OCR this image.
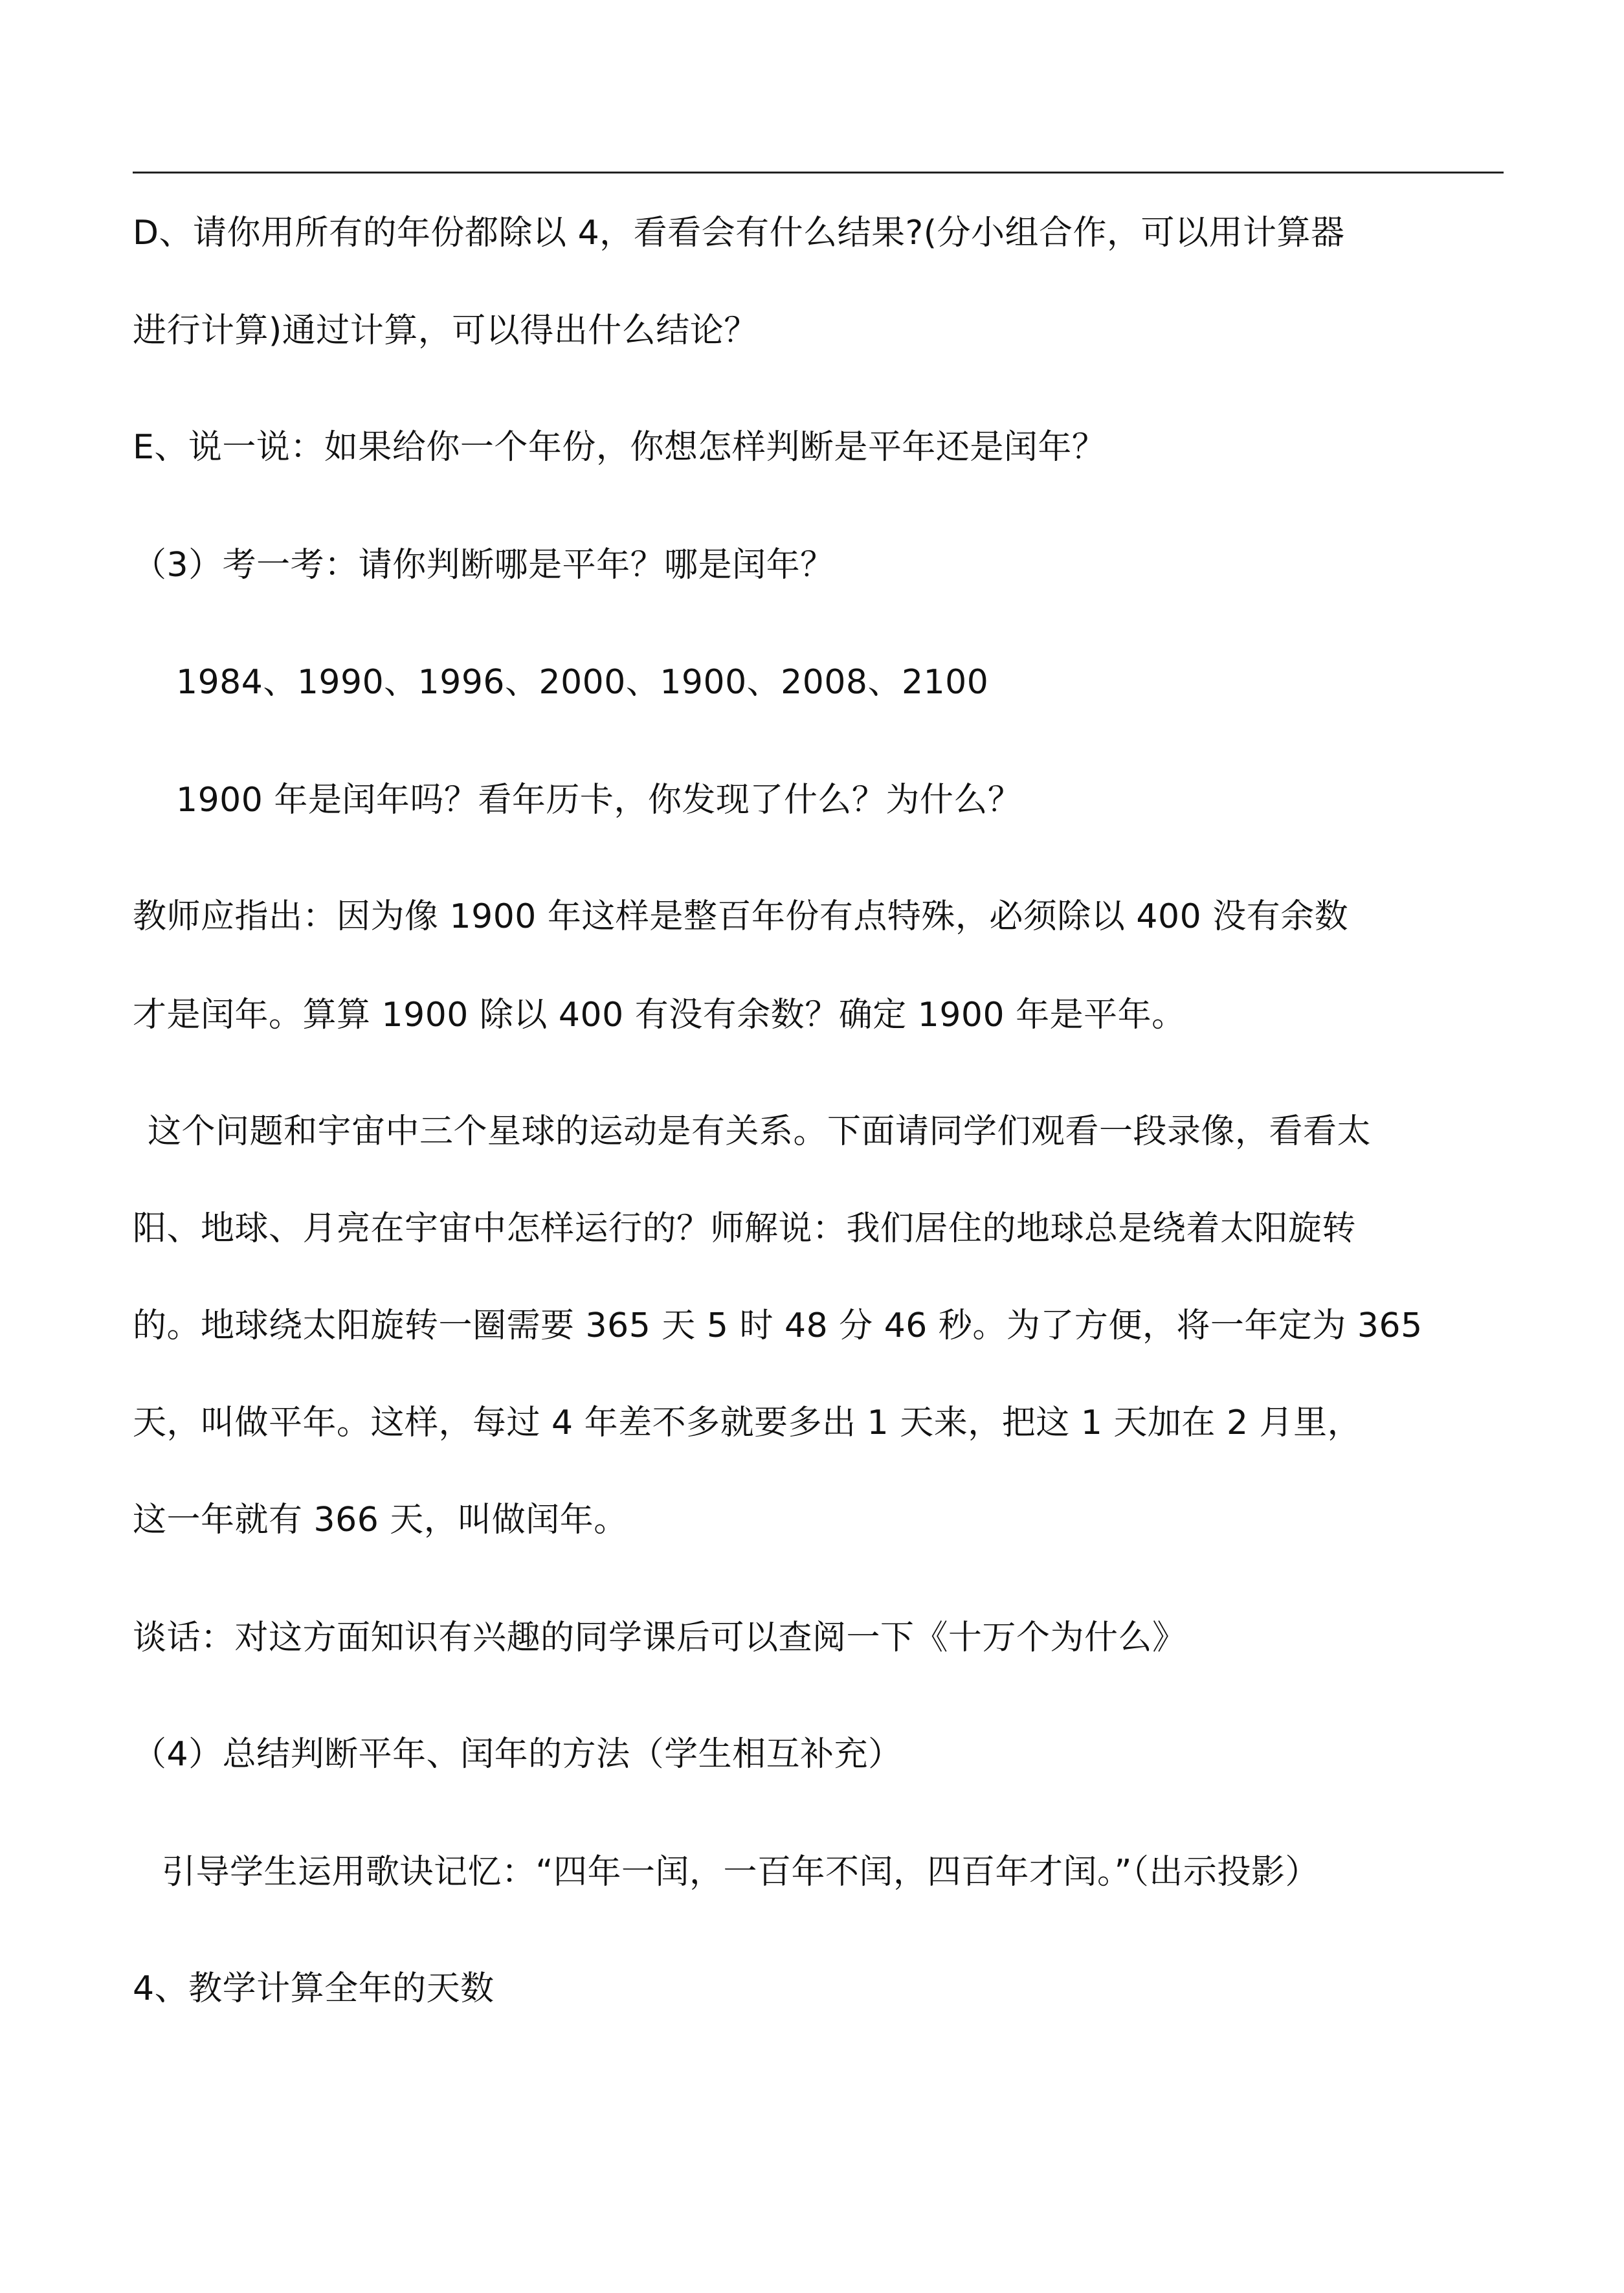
D、请你用所有的年份都除以 4，看看会有什么结果?(分小组合作，可以用计算器

进行计算)通过计算，可以得出什么结论？

E、说一说：如果给你一个年份，你想怎样判断是平年还是闰年？

（3）考一考：请你判断哪是平年？哪是闰年？

1984、1990、1996、2000、1900、2008、2100

1900 年是闰年吗？看年历卡，你发现了什么？为什么？

教师应指出：因为像 1900 年这样是整百年份有点特殊，必须除以 400 没有余数

才是闰年。算算 1900 除以 400 有没有余数？确定 1900 年是平年。

这个问题和宇宙中三个星球的运动是有关系。下面请同学们观看一段录像，看看太

阳、地球、月亮在宇宙中怎样运行的？师解说：我们居住的地球总是绕着太阳旋转

的。地球绕太阳旋转一圈需要 365 天 5 时 48 分 46 秒。为了方便，将一年定为 365

天，叫做平年。这样，每过 4 年差不多就要多出 1 天来，把这 1 天加在 2 月里，

这一年就有 366 天，叫做闰年。

谈话：对这方面知识有兴趣的同学课后可以查阅一下《十万个为什么》

（4）总结判断平年、闰年的方法（学生相互补充）

引导学生运用歌诀记忆：“四年一闰，一百年不闰，四百年才闰。”（出示投影）

4、教学计算全年的天数
